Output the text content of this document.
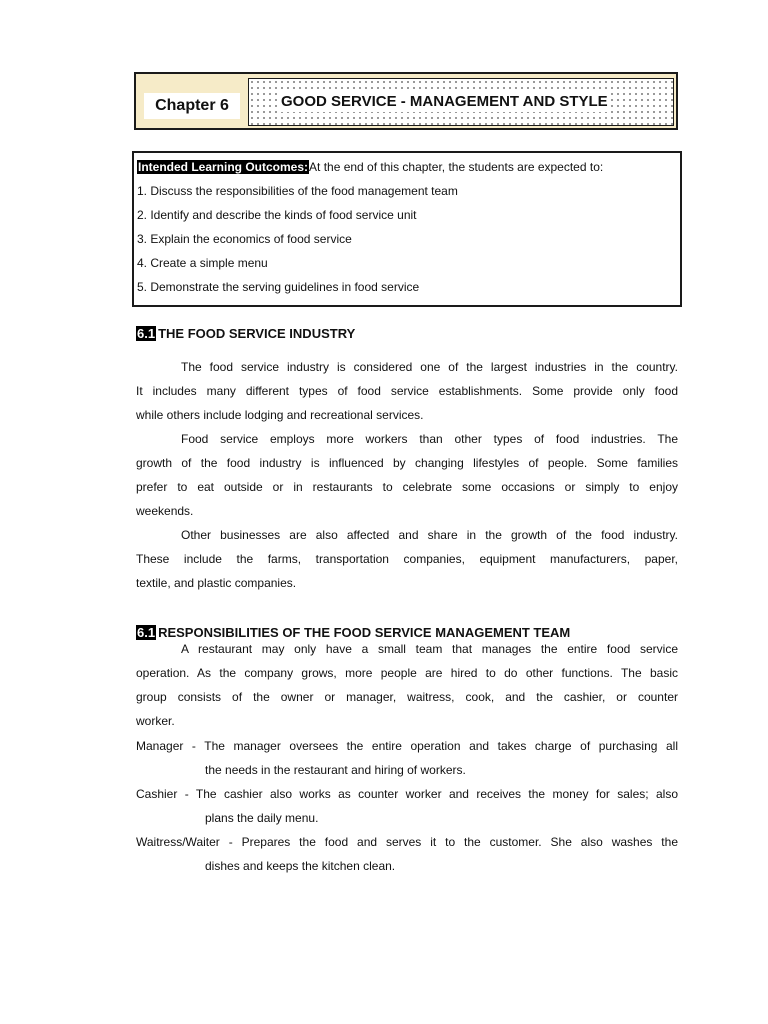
Chapter 6	GOOD SERVICE - MANAGEMENT AND STYLE
Intended Learning Outcomes:At the end of this chapter, the students are expected to:
1. Discuss the responsibilities of the food management team
2. Identify and describe the kinds of food service unit
3. Explain the economics of food service
4. Create a simple menu
5. Demonstrate the serving guidelines in food service
6.1 THE FOOD SERVICE INDUSTRY
The food service industry is considered one of the largest industries in the country.
It includes many different types of food service establishments. Some provide only food
while others include lodging and recreational services.
Food service employs more workers than other types of food industries. The
growth of the food industry is influenced by changing lifestyles of people. Some families
prefer to eat outside or in restaurants to celebrate some occasions or simply to enjoy
weekends.
Other businesses are also affected and share in the growth of the food industry.
These include the farms, transportation companies, equipment manufacturers, paper,
textile, and plastic companies.
6.1 RESPONSIBILITIES OF THE FOOD SERVICE MANAGEMENT TEAM
A restaurant may only have a small team that manages the entire food service
operation. As the company grows, more people are hired to do other functions. The basic
group consists of the owner or manager, waitress, cook, and the cashier, or counter
worker.
Manager - The manager oversees the entire operation and takes charge of purchasing all
the needs in the restaurant and hiring of workers.
Cashier - The cashier also works as counter worker and receives the money for sales; also
plans the daily menu.
Waitress/Waiter - Prepares the food and serves it to the customer. She also washes the
dishes and keeps the kitchen clean.
